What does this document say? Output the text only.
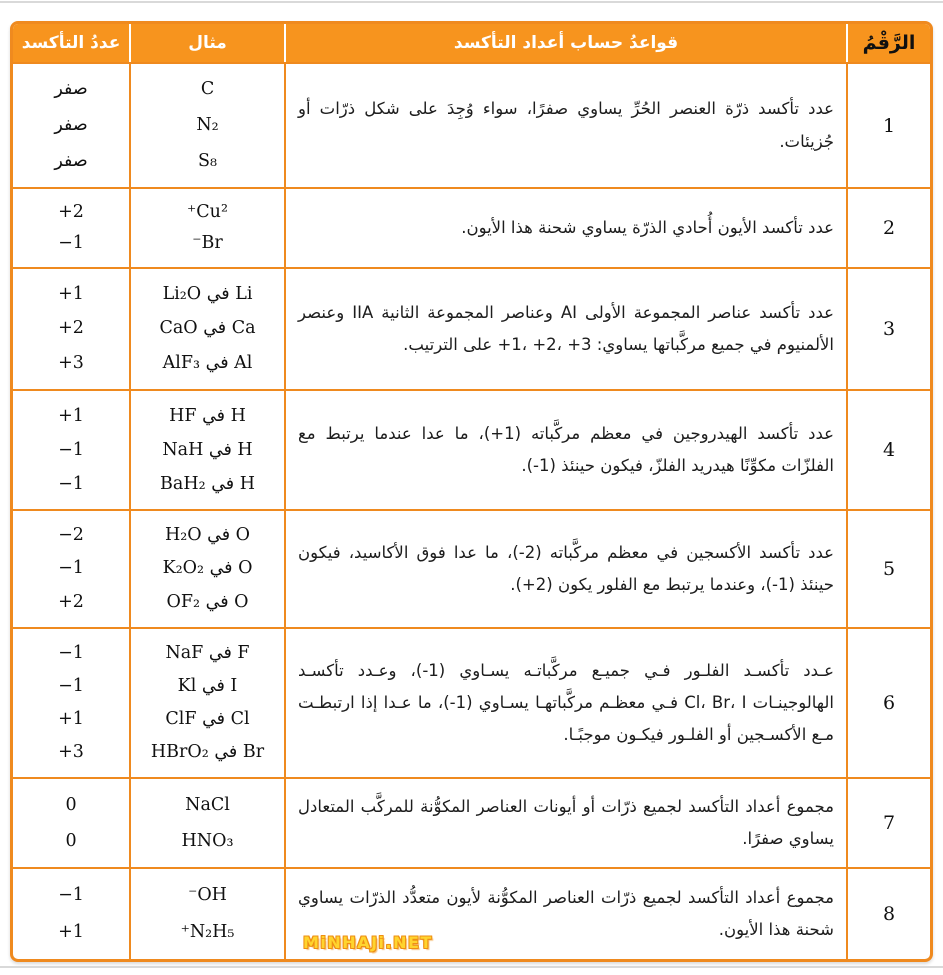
الرَّقْمُ
قواعدُ حساب أعداد التأكسد
مثال
عددُ التأكسد
1
عدد تأكسد ذرّة العنصر الحُرِّ يساوي صفرًا، سواء وُجِدَ على شكل ذرّات أو جُزيئات.
C
N₂
S₈
صفر
صفر
صفر
2
عدد تأكسد الأيون أُحادي الذرّة يساوي شحنة هذا الأيون.
Cu²⁺
Br⁻
+2
−1
3
عدد تأكسد عناصر المجموعة الأولى AI وعناصر المجموعة الثانية IIA وعنصر الألمنيوم في جميع مركَّباتها يساوي: ‎+1‎، ‎+2‎، ‎+3‎ على الترتيب.
Li في Li₂O
Ca في CaO
Al في AlF₃
+1
+2
+3
4
عدد تأكسد الهيدروجين في معظم مركَّباته ‎(+1)‎، ما عدا عندما يرتبط مع الفلزّات مكوِّنًا هيدريد الفلزّ، فيكون حينئذ ‎(-1)‎.
H في HF
H في NaH
H في BaH₂
+1
−1
−1
5
عدد تأكسد الأكسجين في معظم مركَّباته ‎(-2)‎، ما عدا فوق الأكاسيد، فيكون حينئذ ‎(-1)‎، وعندما يرتبط مع الفلور يكون ‎(+2)‎.
O في H₂O
O في K₂O₂
O في OF₂
−2
−1
+2
6
عـدد تأكسـد الفلـور فـي جميـع مركَّباتـه يسـاوي ‎(-1)‎، وعـدد تأكسـد الهالوجينـات Cl، Br، I فـي معظـم مركَّباتهـا يسـاوي ‎(-1)‎، ما عـدا إذا ارتبطـت مـع الأكسـجين أو الفلـور فيكـون موجبًـا.
F في NaF
I في Kl
Cl في ClF
Br في HBrO₂
−1
−1
+1
+3
7
مجموع أعداد التأكسد لجميع ذرّات أو أيونات العناصر المكوُّنة للمركَّب المتعادل يساوي صفرًا.
NaCl
HNO₃
0
0
8
مجموع أعداد التأكسد لجميع ذرّات العناصر المكوُّنة لأيون متعدُّد الذرّات يساوي شحنة هذا الأيون.
OH⁻
N₂H₅⁺
−1
+1
MiNHAJi.NET
